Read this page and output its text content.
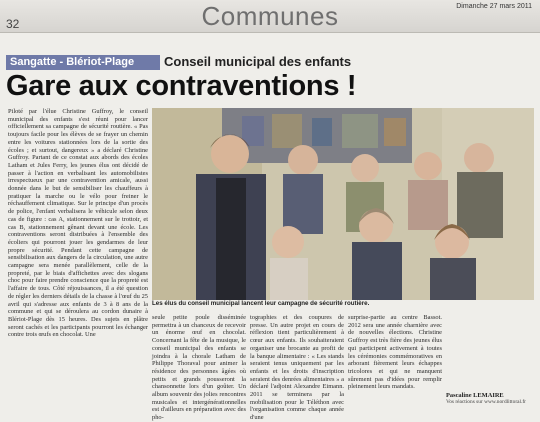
32	Communes	Dimanche 27 mars 2011
Sangatte - Blériot-Plage	Conseil municipal des enfants
Gare aux contraventions !

Piloté par l'élue Christine Guffroy, le conseil municipal des enfants s'est réuni pour lancer officiellement sa campagne de sécurité routière. « Pas toujours facile pour les élèves de se frayer un chemin entre les voitures stationnées lors de la sortie des écoles ; et surtout, dangereux » a déclaré Christine Guffroy. Partant de ce constat aux abords des écoles Latham et Jules Ferry, les jeunes élus ont décidé de passer à l'action en verbalisant les automobilistes irrespectueux par une contravention amicale, aussi donnée dans le but de sensibiliser les chauffeurs à pratiquer la marche ou le vélo pour freiner le réchauffement climatique. Sur le principe d'un procès de police, l'enfant verbalisera le véhicule selon deux cas de figure : cas A, stationnement sur le trottoir, et cas B, stationnement gênant devant une école. Les contraventions seront distribuées à l'ensemble des écoliers qui pourront jouer les gendarmes de leur propre sécurité. Pendant cette campagne de sensibilisation aux dangers de la circulation, une autre campagne sera menée parallèlement, celle de la propreté, par le biais d'affichettes avec des slogans choc pour faire prendre conscience que la propreté est l'affaire de tous. Côté réjouissances, il a été question de régler les derniers détails de la chasse à l'œuf du 25 avril qui s'adresse aux enfants de 3 à 8 ans de la commune et qui se déroulera au cordon dunaire à Blériot-Plage dès 15 heures. Des sujets en plâtre seront cachés et les participants pourront les échanger contre trois œufs en chocolat. Une

Les élus du conseil municipal lancent leur campagne de sécurité routière.

seule petite poule disséminée permettra à un chanceux de recevoir un énorme œuf en chocolat. Concernant la fête de la musique, le conseil municipal des enfants se joindra à la chorale Latham de Philippe Thoraval pour animer la résidence des personnes âgées où petits et grands pousseront la chansonnette lors d'un goûter. Un album souvenir des jolies rencontres musicales et intergénérationnelles est d'ailleurs en préparation avec des pho-

tographies et des coupures de presse. Un autre projet en cours de réflexion tient particulièrement à cœur aux enfants. Ils souhaiteraient organiser une brocante au profit de la banque alimentaire : « Les stands seraient tenus uniquement par les enfants et les droits d'inscription seraient des denrées alimentaires » a déclaré l'adjoint Alexandre Eimann. 2011 se terminera par la mobilisation pour le Téléthon avec l'organisation comme chaque année d'une

surprise-partie au centre Bassot. 2012 sera une année charnière avec de nouvelles élections. Christine Guffroy est très fière des jeunes élus qui participent activement à toutes les cérémonies commémoratives en arborant fièrement leurs échappes tricolores et qui ne manquent sûrement pas d'idées pour remplir pleinement leurs mandats.

Pascaline LEMAIRE
Vos réactions sur www.nordlittoral.fr
